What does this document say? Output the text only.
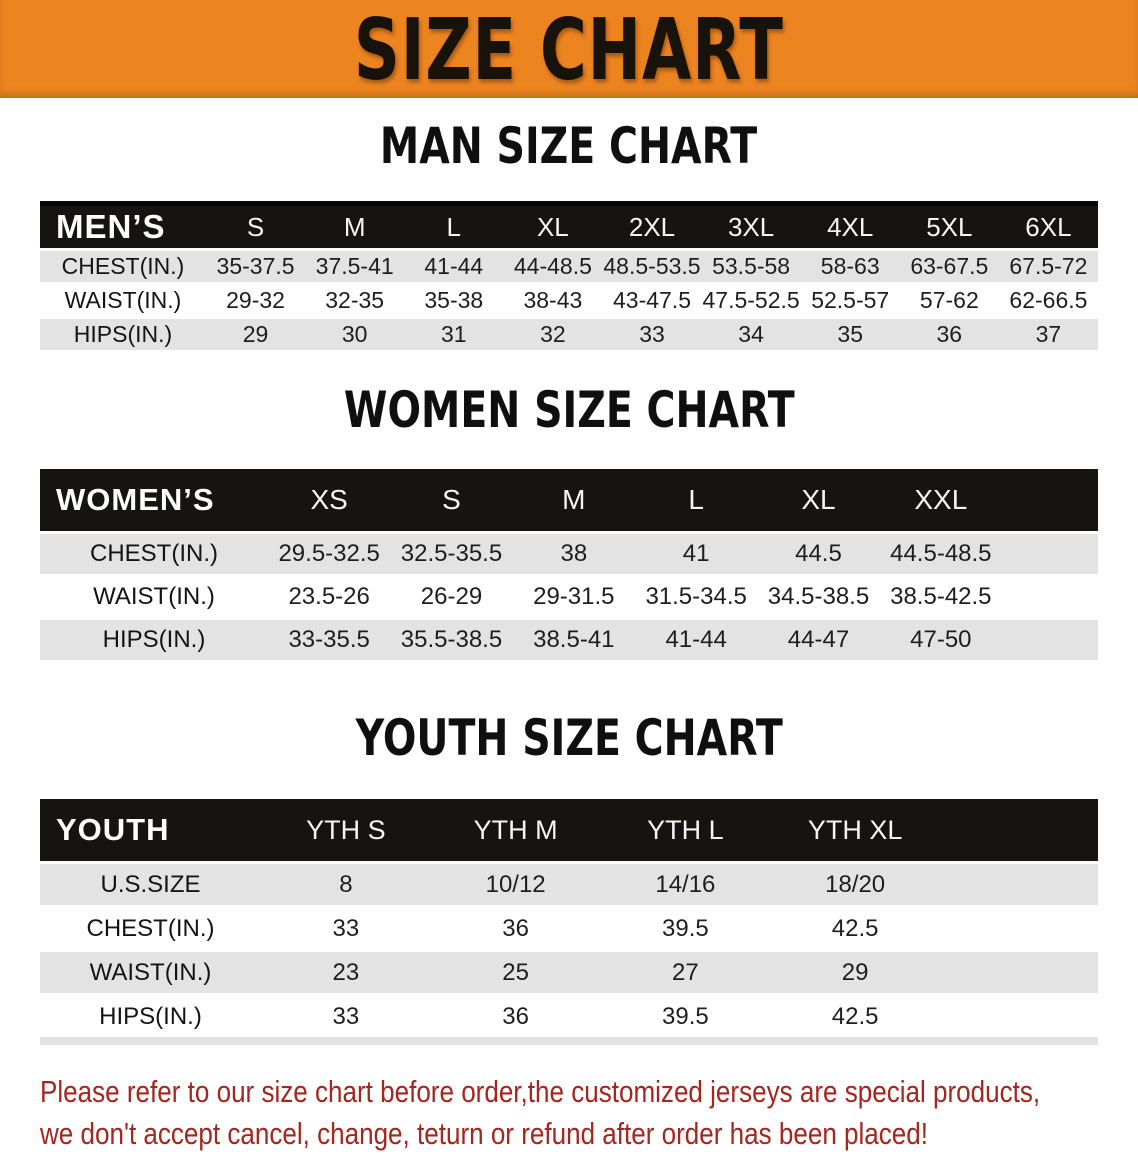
SIZE CHART
MAN SIZE CHART
MEN’S	S	M	L	XL	2XL	3XL	4XL	5XL	6XL
CHEST(IN.)	35-37.5	37.5-41	41-44	44-48.5	48.5-53.5	53.5-58	58-63	63-67.5	67.5-72
WAIST(IN.)	29-32	32-35	35-38	38-43	43-47.5	47.5-52.5	52.5-57	57-62	62-66.5
HIPS(IN.)	29	30	31	32	33	34	35	36	37
WOMEN SIZE CHART
WOMEN’S	XS	S	M	L	XL	XXL	
CHEST(IN.)	29.5-32.5	32.5-35.5	38	41	44.5	44.5-48.5	
WAIST(IN.)	23.5-26	26-29	29-31.5	31.5-34.5	34.5-38.5	38.5-42.5	
HIPS(IN.)	33-35.5	35.5-38.5	38.5-41	41-44	44-47	47-50	
YOUTH SIZE CHART
YOUTH	YTH S	YTH M	YTH L	YTH XL	
U.S.SIZE	8	10/12	14/16	18/20	
CHEST(IN.)	33	36	39.5	42.5	
WAIST(IN.)	23	25	27	29	
HIPS(IN.)	33	36	39.5	42.5	
Please refer to our size chart before order,the customized jerseys are special products,
we don't accept cancel, change, teturn or refund after order has been placed!
